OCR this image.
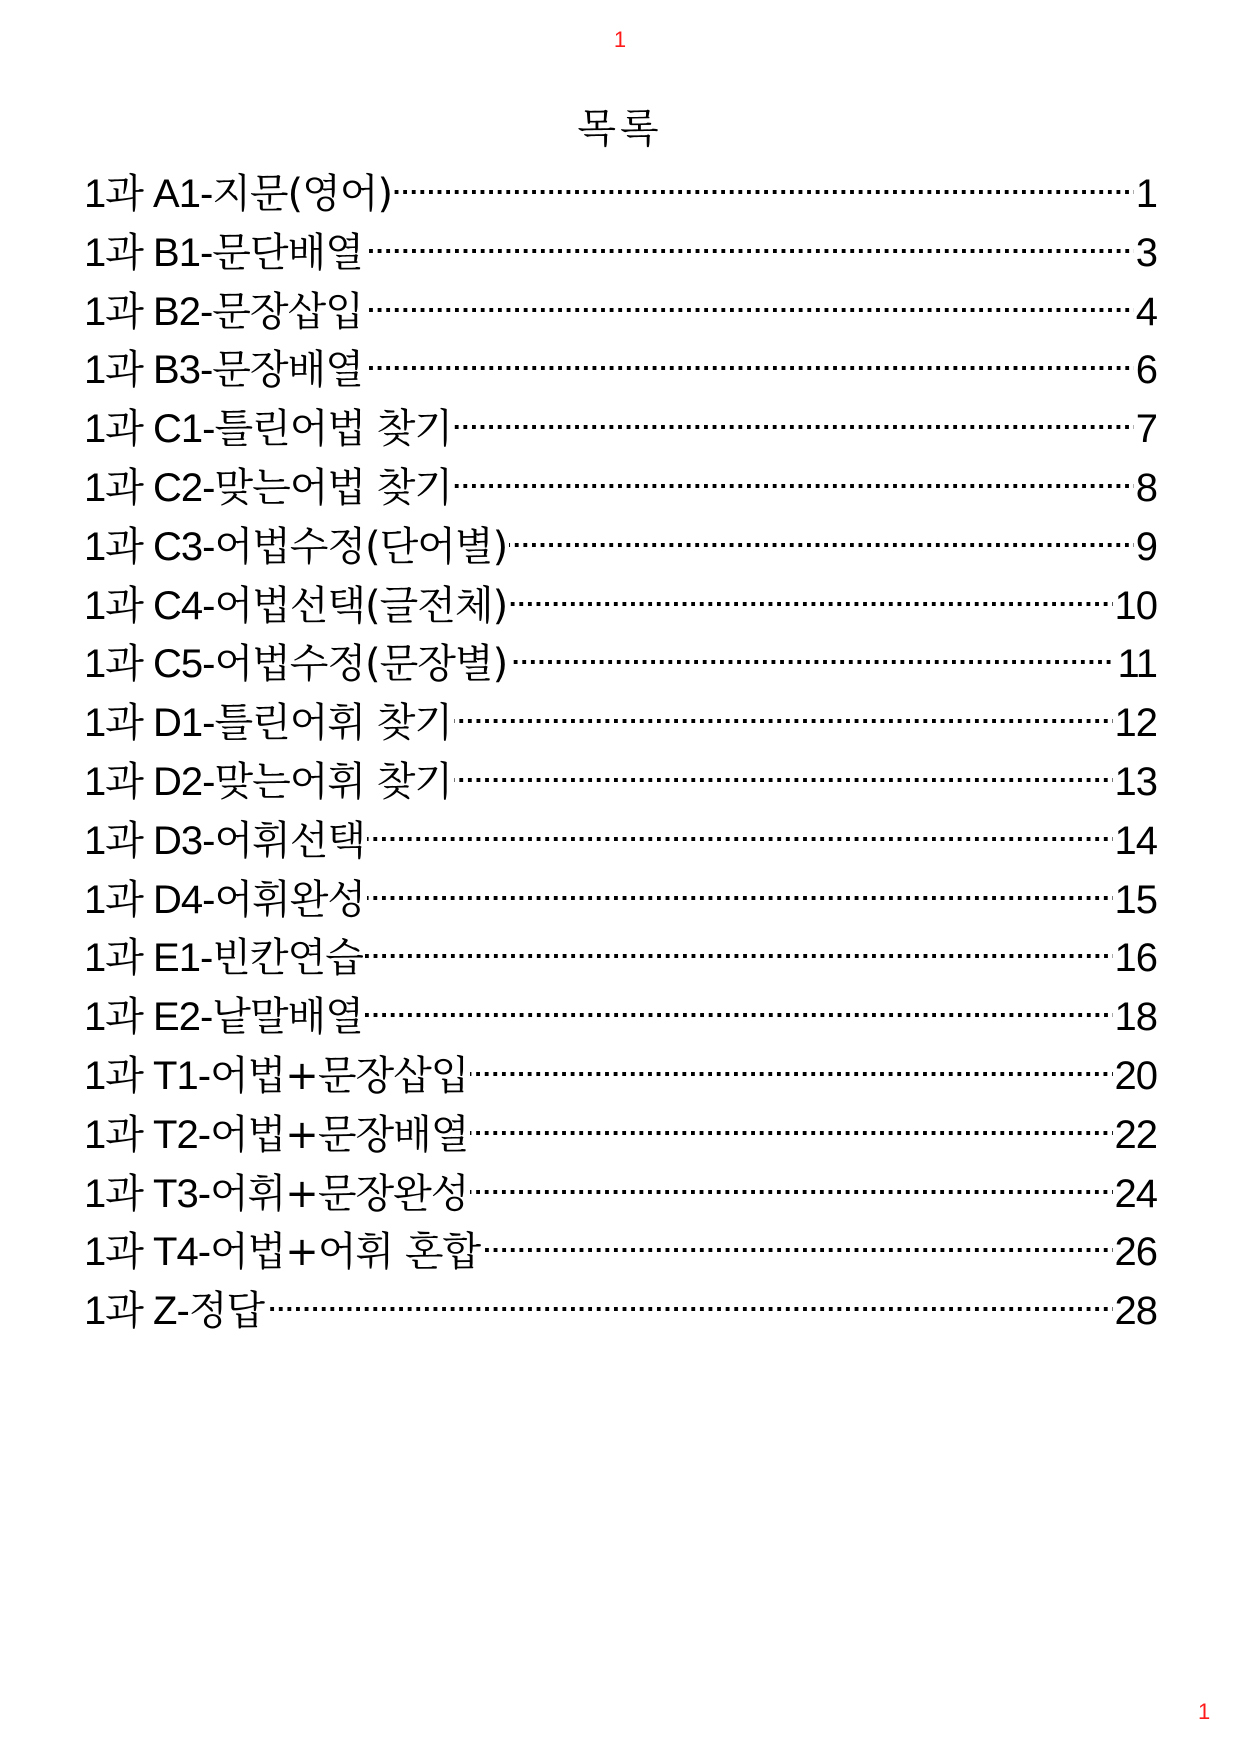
1
목록
1과 A1-지문(영어)	1
1과 B1-문단배열	3
1과 B2-문장삽입	4
1과 B3-문장배열	6
1과 C1-틀린어법 찾기	7
1과 C2-맞는어법 찾기	8
1과 C3-어법수정(단어별)	9
1과 C4-어법선택(글전체)	10
1과 C5-어법수정(문장별)	11
1과 D1-틀린어휘 찾기	12
1과 D2-맞는어휘 찾기	13
1과 D3-어휘선택	14
1과 D4-어휘완성	15
1과 E1-빈칸연습	16
1과 E2-낱말배열	18
1과 T1-어법+문장삽입	20
1과 T2-어법+문장배열	22
1과 T3-어휘+문장완성	24
1과 T4-어법+어휘 혼합	26
1과 Z-정답	28
1
